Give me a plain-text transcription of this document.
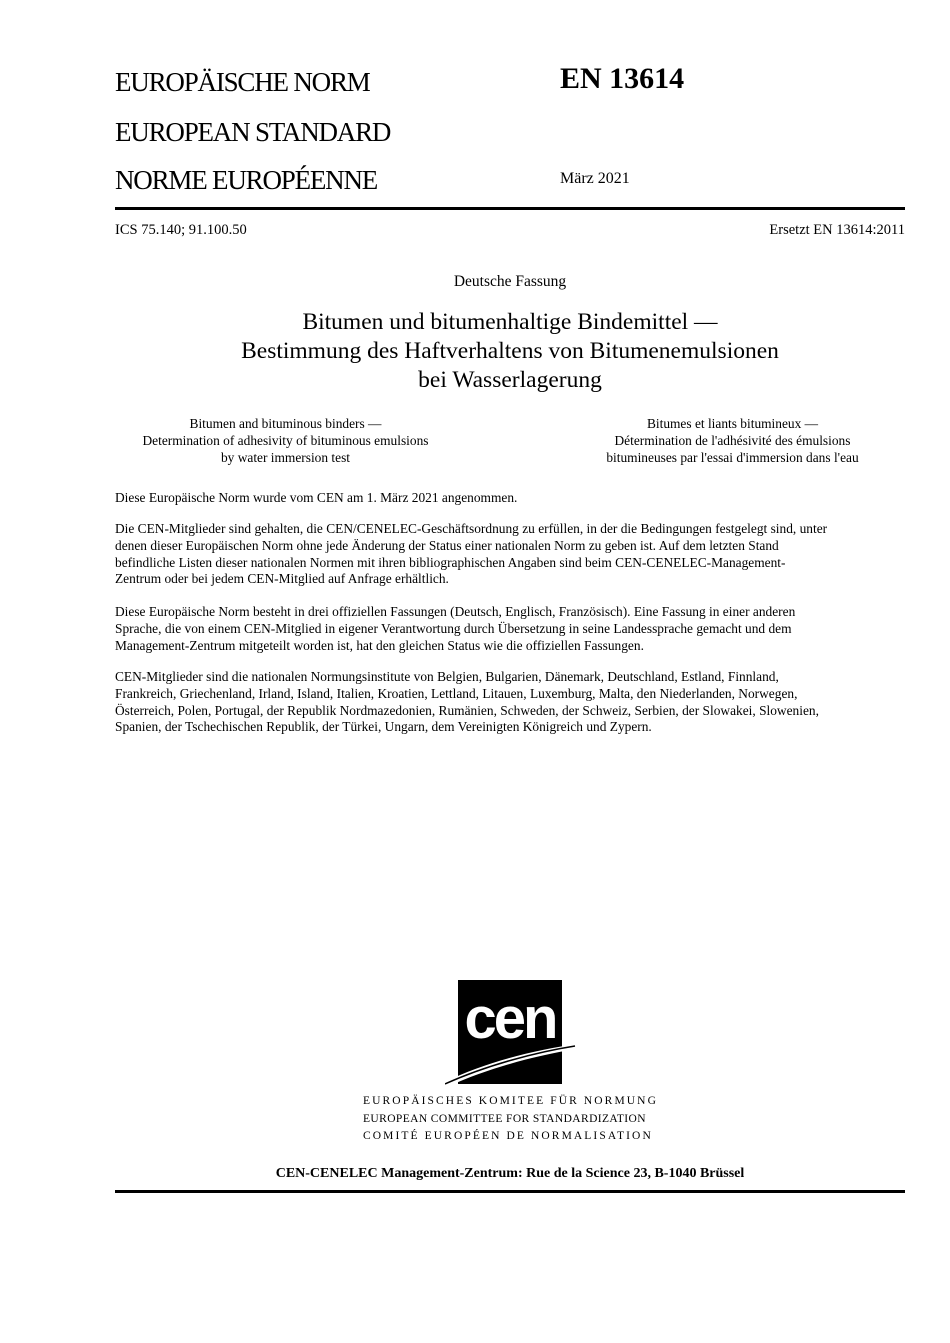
EUROPÄISCHE NORM
EUROPEAN STANDARD
NORME EUROPÉENNE
EN 13614
März 2021
ICS 75.140; 91.100.50	Ersetzt EN 13614:2011
Deutsche Fassung
Bitumen und bitumenhaltige Bindemittel —
Bestimmung des Haftverhaltens von Bitumenemulsionen
bei Wasserlagerung
Bitumen and bituminous binders —
Determination of adhesivity of bituminous emulsions
by water immersion test
Bitumes et liants bitumineux —
Détermination de l'adhésivité des émulsions
bitumineuses par l'essai d'immersion dans l'eau
Diese Europäische Norm wurde vom CEN am 1. März 2021 angenommen.
Die CEN-Mitglieder sind gehalten, die CEN/CENELEC-Geschäftsordnung zu erfüllen, in der die Bedingungen festgelegt sind, unter
denen dieser Europäischen Norm ohne jede Änderung der Status einer nationalen Norm zu geben ist. Auf dem letzten Stand
befindliche Listen dieser nationalen Normen mit ihren bibliographischen Angaben sind beim CEN-CENELEC-Management-
Zentrum oder bei jedem CEN-Mitglied auf Anfrage erhältlich.
Diese Europäische Norm besteht in drei offiziellen Fassungen (Deutsch, Englisch, Französisch). Eine Fassung in einer anderen
Sprache, die von einem CEN-Mitglied in eigener Verantwortung durch Übersetzung in seine Landessprache gemacht und dem
Management-Zentrum mitgeteilt worden ist, hat den gleichen Status wie die offiziellen Fassungen.
CEN-Mitglieder sind die nationalen Normungsinstitute von Belgien, Bulgarien, Dänemark, Deutschland, Estland, Finnland,
Frankreich, Griechenland, Irland, Island, Italien, Kroatien, Lettland, Litauen, Luxemburg, Malta, den Niederlanden, Norwegen,
Österreich, Polen, Portugal, der Republik Nordmazedonien, Rumänien, Schweden, der Schweiz, Serbien, der Slowakei, Slowenien,
Spanien, der Tschechischen Republik, der Türkei, Ungarn, dem Vereinigten Königreich und Zypern.
cen
EUROPÄISCHES KOMITEE FÜR NORMUNG
EUROPEAN COMMITTEE FOR STANDARDIZATION
COMITÉ EUROPÉEN DE NORMALISATION
CEN-CENELEC Management-Zentrum: Rue de la Science 23, B-1040 Brüssel
